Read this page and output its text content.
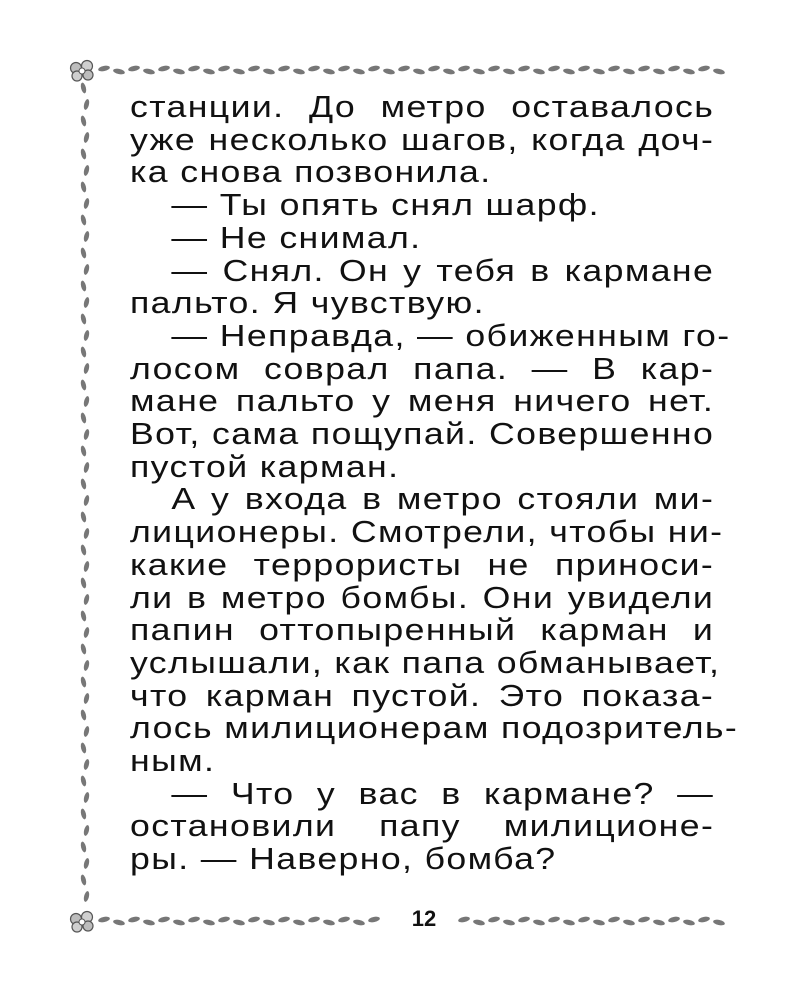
станции. До метро оставалось
уже несколько шагов, когда доч-
ка снова позвонила.
— Ты опять снял шарф.
— Не снимал.
— Снял. Он у тебя в кармане
пальто. Я чувствую.
— Неправда, — обиженным го-
лосом соврал папа. — В кар-
мане пальто у меня ничего нет.
Вот, сама пощупай. Совершенно
пустой карман.
А у входа в метро стояли ми-
лиционеры. Смотрели, чтобы ни-
какие террористы не приноси-
ли в метро бомбы. Они увидели
папин оттопыренный карман и
услышали, как папа обманывает,
что карман пустой. Это показа-
лось милиционерам подозритель-
ным.
— Что у вас в кармане? —
остановили папу милиционе-
ры. — Наверно, бомба?
12
